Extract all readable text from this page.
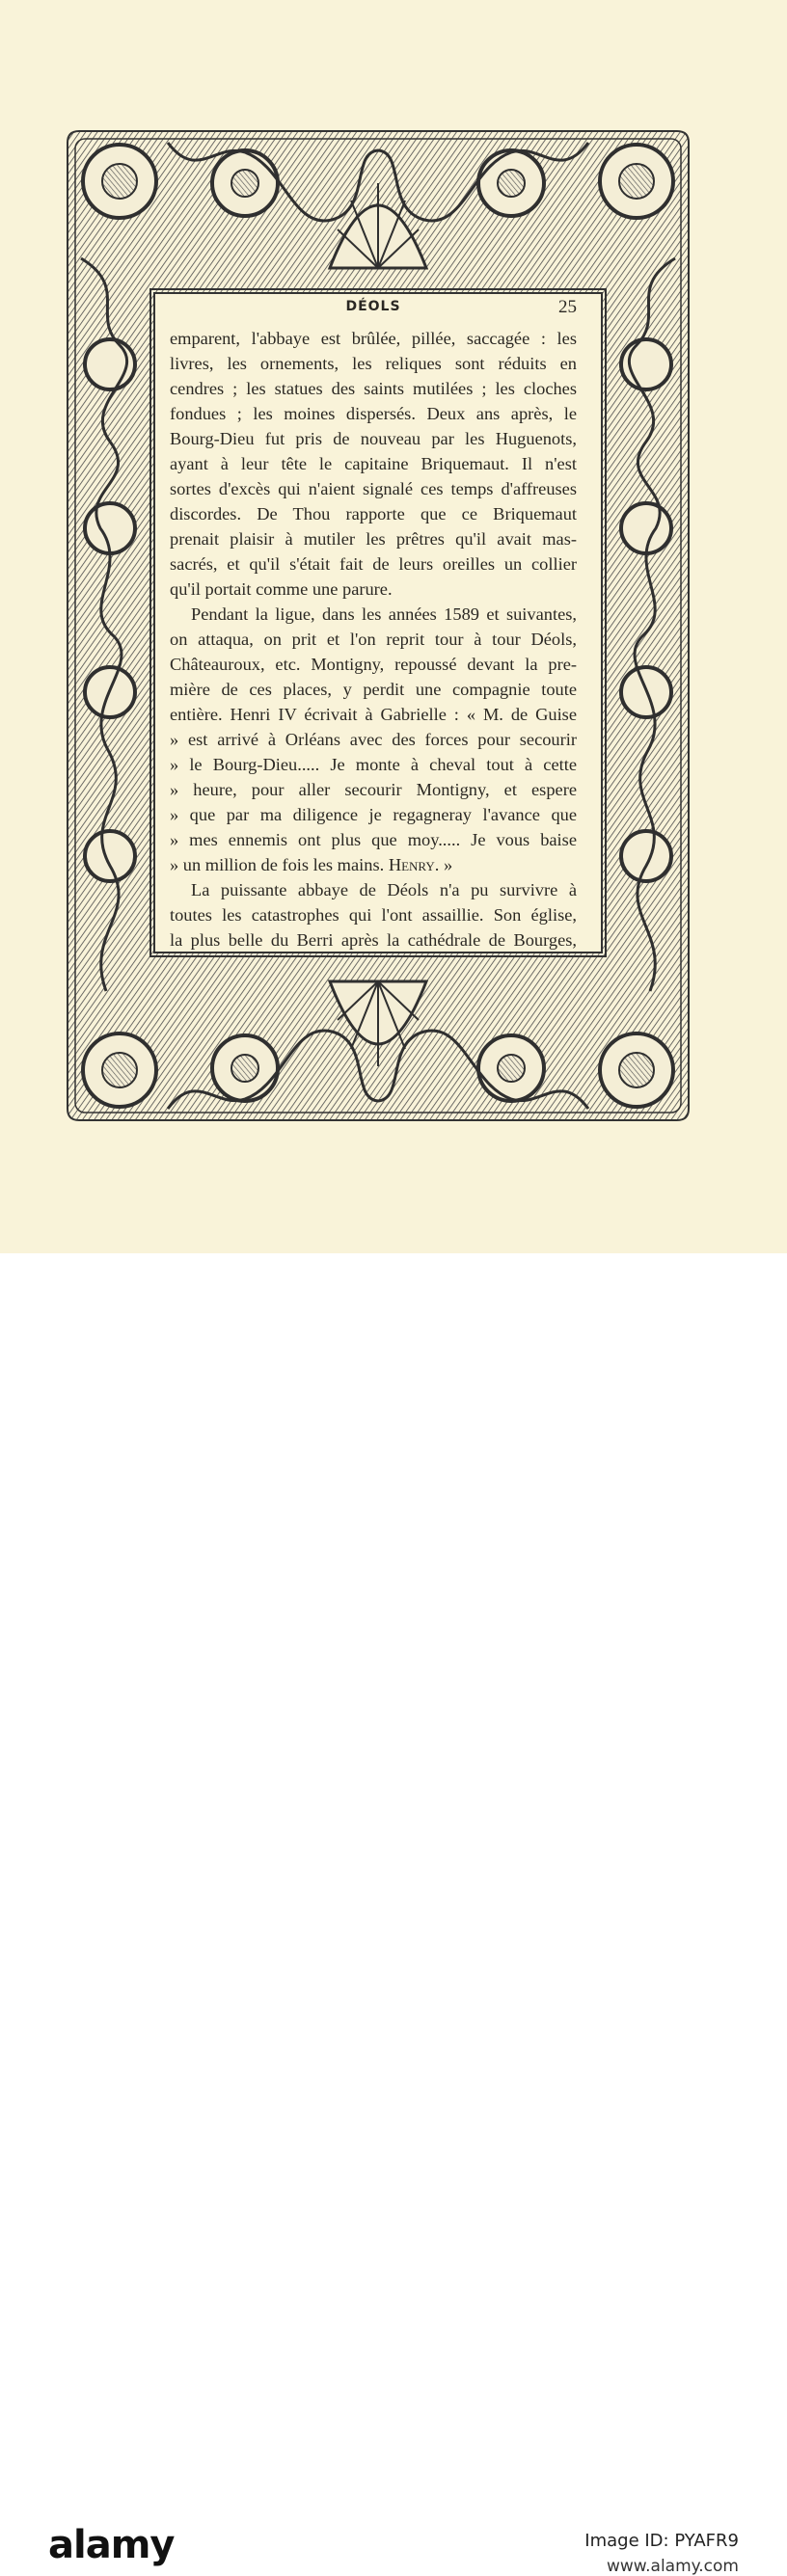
DÉOLS	25
emparent, l'abbaye est brûlée, pillée, saccagée : les
livres, les ornements, les reliques sont réduits en
cendres ; les statues des saints mutilées ; les cloches
fondues ; les moines dispersés. Deux ans après, le
Bourg-Dieu fut pris de nouveau par les Huguenots,
ayant à leur tête le capitaine Briquemaut. Il n'est
sortes d'excès qui n'aient signalé ces temps d'affreuses
discordes. De Thou rapporte que ce Briquemaut
prenait plaisir à mutiler les prêtres qu'il avait mas-
sacrés, et qu'il s'était fait de leurs oreilles un collier
qu'il portait comme une parure.
Pendant la ligue, dans les années 1589 et suivantes,
on attaqua, on prit et l'on reprit tour à tour Déols,
Châteauroux, etc. Montigny, repoussé devant la pre-
mière de ces places, y perdit une compagnie toute
entière. Henri IV écrivait à Gabrielle : « M. de Guise
» est arrivé à Orléans avec des forces pour secourir
» le Bourg-Dieu..... Je monte à cheval tout à cette
» heure, pour aller secourir Montigny, et espere
» que par ma diligence je regagneray l'avance que
» mes ennemis ont plus que moy..... Je vous baise
» un million de fois les mains. Henry. »
La puissante abbaye de Déols n'a pu survivre à
toutes les catastrophes qui l'ont assaillie. Son église,
la plus belle du Berri après la cathédrale de Bourges,
alamy	Image ID: PYAFR9
www.alamy.com
